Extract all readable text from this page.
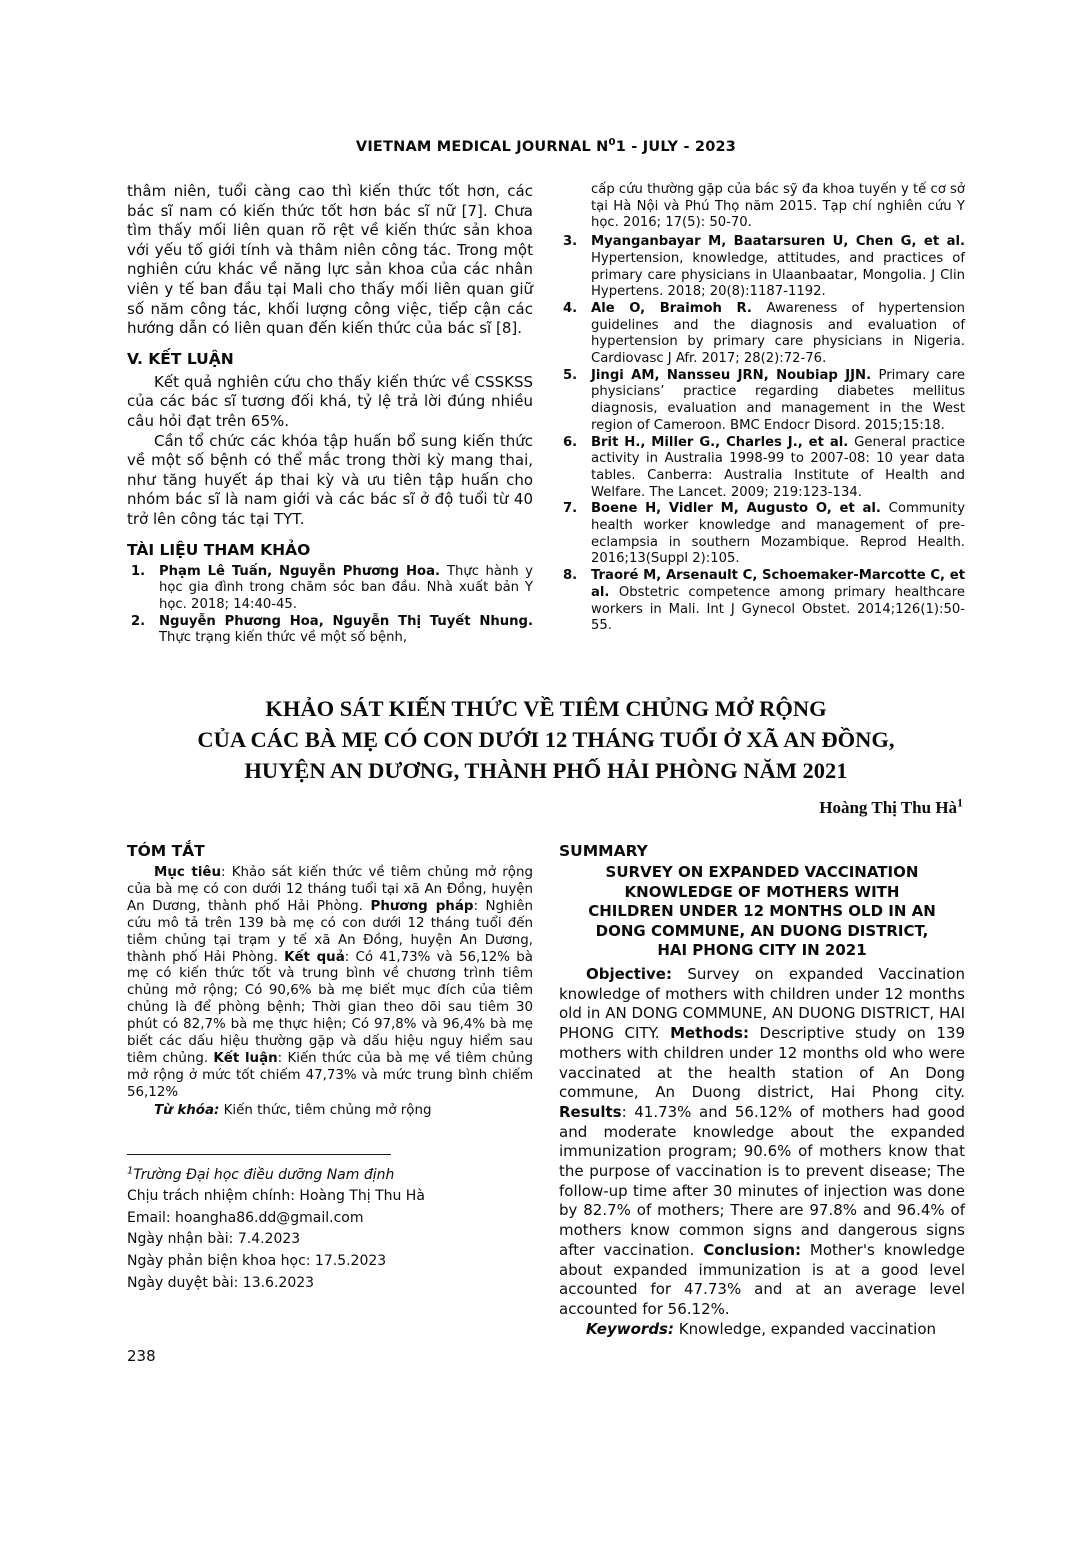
VIETNAM MEDICAL JOURNAL $N^01$ - JULY - 2023

thâm niên, tuổi càng cao thì kiến thức tốt hơn, các bác sĩ nam có kiến thức tốt hơn bác sĩ nữ [7]. Chưa tìm thấy mối liên quan rõ rệt về kiến thức sản khoa với yếu tố giới tính và thâm niên công tác. Trong một nghiên cứu khác về năng lực sản khoa của các nhân viên y tế ban đầu tại Mali cho thấy mối liên quan giữ số năm công tác, khối lượng công việc, tiếp cận các hướng dẫn có liên quan đến kiến thức của bác sĩ [8].

V. KẾT LUẬN

Kết quả nghiên cứu cho thấy kiến thức về CSSKSS của các bác sĩ tương đối khá, tỷ lệ trả lời đúng nhiều câu hỏi đạt trên 65%.

Cần tổ chức các khóa tập huấn bổ sung kiến thức về một số bệnh có thể mắc trong thời kỳ mang thai, như tăng huyết áp thai kỳ và ưu tiên tập huấn cho nhóm bác sĩ là nam giới và các bác sĩ ở độ tuổi từ 40 trở lên công tác tại TYT.

TÀI LIỆU THAM KHẢO
1. Phạm Lê Tuấn, Nguyễn Phương Hoa. Thực hành y học gia đình trong chăm sóc ban đầu. Nhà xuất bản Y học. 2018; 14:40-45.
2. Nguyễn Phương Hoa, Nguyễn Thị Tuyết Nhung. Thực trạng kiến thức về một số bệnh,
cấp cứu thường gặp của bác sỹ đa khoa tuyến y tế cơ sở tại Hà Nội và Phú Thọ năm 2015. Tạp chí nghiên cứu Y học. 2016; 17(5): 50-70.
3. Myanganbayar M, Baatarsuren U, Chen G, et al. Hypertension, knowledge, attitudes, and practices of primary care physicians in Ulaanbaatar, Mongolia. J Clin Hypertens. 2018; 20(8):1187-1192.
4. Ale O, Braimoh R. Awareness of hypertension guidelines and the diagnosis and evaluation of hypertension by primary care physicians in Nigeria. Cardiovasc J Afr. 2017; 28(2):72-76.
5. Jingi AM, Nansseu JRN, Noubiap JJN. Primary care physicians’ practice regarding diabetes mellitus diagnosis, evaluation and management in the West region of Cameroon. BMC Endocr Disord. 2015;15:18.
6. Brit H., Miller G., Charles J., et al. General practice activity in Australia 1998-99 to 2007-08: 10 year data tables. Canberra: Australia Institute of Health and Welfare. The Lancet. 2009; 219:123-134.
7. Boene H, Vidler M, Augusto O, et al. Community health worker knowledge and management of pre-eclampsia in southern Mozambique. Reprod Health. 2016;13(Suppl 2):105.
8. Traoré M, Arsenault C, Schoemaker-Marcotte C, et al. Obstetric competence among primary healthcare workers in Mali. Int J Gynecol Obstet. 2014;126(1):50-55.
KHẢO SÁT KIẾN THỨC VỀ TIÊM CHỦNG MỞ RỘNG
CỦA CÁC BÀ MẸ CÓ CON DƯỚI 12 THÁNG TUỔI Ở XÃ AN ĐỒNG,
HUYỆN AN DƯƠNG, THÀNH PHỐ HẢI PHÒNG NĂM 2021
Hoàng Thị Thu $Hà^1$
TÓM TẮT

Mục tiêu: Khảo sát kiến thức về tiêm chủng mở rộng của bà mẹ có con dưới 12 tháng tuổi tại xã An Đồng, huyện An Dương, thành phố Hải Phòng. Phương pháp: Nghiên cứu mô tả trên 139 bà mẹ có con dưới 12 tháng tuổi đến tiêm chủng tại trạm y tế xã An Đồng, huyện An Dương, thành phố Hải Phòng. Kết quả: Có 41,73% và 56,12% bà mẹ có kiến thức tốt và trung bình về chương trình tiêm chủng mở rộng; Có 90,6% bà mẹ biết mục đích của tiêm chủng là để phòng bệnh; Thời gian theo dõi sau tiêm 30 phút có 82,7% bà mẹ thực hiện; Có 97,8% và 96,4% bà mẹ biết các dấu hiệu thường gặp và dấu hiệu nguy hiểm sau tiêm chủng. Kết luận: Kiến thức của bà mẹ về tiêm chủng mở rộng ở mức tốt chiếm 47,73% và mức trung bình chiếm 56,12%

Từ khóa: Kiến thức, tiêm chủng mở rộng

$^1$Trường Đại học điều dưỡng Nam định
Chịu trách nhiệm chính: Hoàng Thị Thu Hà
Email: hoangha86.dd@gmail.com
Ngày nhận bài: 7.4.2023
Ngày phản biện khoa học: 17.5.2023
Ngày duyệt bài: 13.6.2023
SUMMARY
SURVEY ON EXPANDED VACCINATION
KNOWLEDGE OF MOTHERS WITH
CHILDREN UNDER 12 MONTHS OLD IN AN
DONG COMMUNE, AN DUONG DISTRICT,
HAI PHONG CITY IN 2021

Objective: Survey on expanded Vaccination knowledge of mothers with children under 12 months old in AN DONG COMMUNE, AN DUONG DISTRICT, HAI PHONG CITY. Methods: Descriptive study on 139 mothers with children under 12 months old who were vaccinated at the health station of An Dong commune, An Duong district, Hai Phong city. Results: 41.73% and 56.12% of mothers had good and moderate knowledge about the expanded immunization program; 90.6% of mothers know that the purpose of vaccination is to prevent disease; The follow-up time after 30 minutes of injection was done by 82.7% of mothers; There are 97.8% and 96.4% of mothers know common signs and dangerous signs after vaccination. Conclusion: Mother's knowledge about expanded immunization is at a good level accounted for 47.73% and at an average level accounted for 56.12%.

Keywords: Knowledge, expanded vaccination

238
